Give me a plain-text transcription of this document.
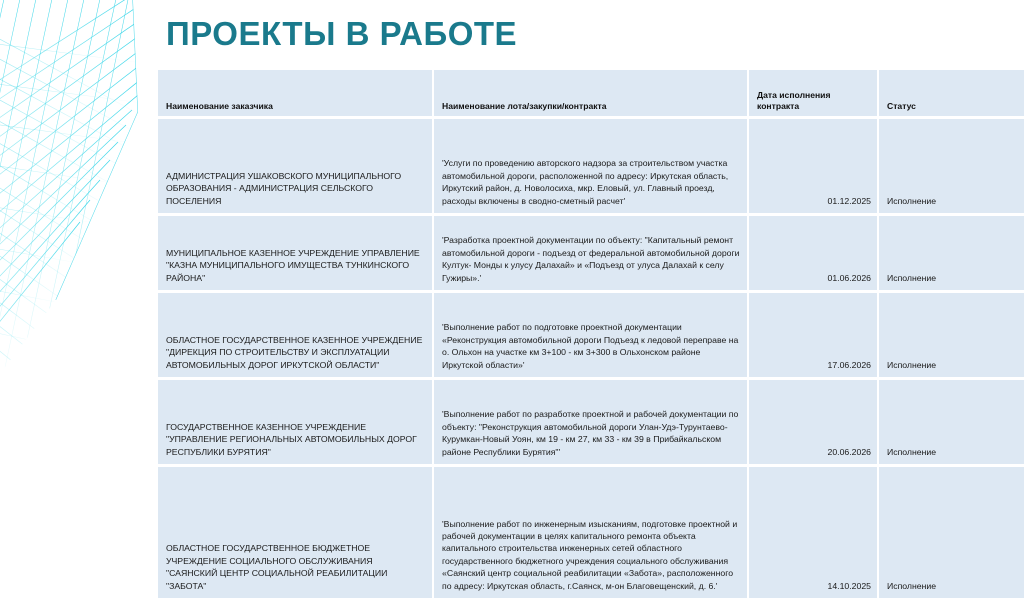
ПРОЕКТЫ В РАБОТЕ
Наименование заказчика	Наименование лота/закупки/контракта	Дата исполнения контракта	Статус

АДМИНИСТРАЦИЯ УШАКОВСКОГО МУНИЦИПАЛЬНОГО ОБРАЗОВАНИЯ - АДМИНИСТРАЦИЯ СЕЛЬСКОГО ПОСЕЛЕНИЯ	'Услуги по проведению авторского надзора за строительством участка автомобильной дороги, расположенной по адресу: Иркутская область, Иркутский район, д. Новолосиха, мкр. Еловый, ул. Главный проезд, расходы включены в сводно-сметный расчет'	01.12.2025	Исполнение
МУНИЦИПАЛЬНОЕ КАЗЕННОЕ УЧРЕЖДЕНИЕ УПРАВЛЕНИЕ "КАЗНА МУНИЦИПАЛЬНОГО ИМУЩЕСТВА ТУНКИНСКОГО РАЙОНА"	'Разработка проектной документации по объекту: "Капитальный ремонт автомобильной дороги - подъезд от федеральной автомобильной дороги Култук- Монды к улусу Далахай» и «Подъезд от улуса Далахай к селу Гужиры».'	01.06.2026	Исполнение
ОБЛАСТНОЕ ГОСУДАРСТВЕННОЕ КАЗЕННОЕ УЧРЕЖДЕНИЕ "ДИРЕКЦИЯ ПО СТРОИТЕЛЬСТВУ И ЭКСПЛУАТАЦИИ АВТОМОБИЛЬНЫХ ДОРОГ ИРКУТСКОЙ ОБЛАСТИ"	'Выполнение работ по подготовке проектной документации «Реконструкция автомобильной дороги Подъезд к ледовой переправе на о. Ольхон на участке км 3+100 - км 3+300 в Ольхонском районе Иркутской области»'	17.06.2026	Исполнение
ГОСУДАРСТВЕННОЕ КАЗЕННОЕ УЧРЕЖДЕНИЕ "УПРАВЛЕНИЕ РЕГИОНАЛЬНЫХ АВТОМОБИЛЬНЫХ ДОРОГ РЕСПУБЛИКИ БУРЯТИЯ"	'Выполнение работ по разработке проектной и рабочей документации по объекту: "Реконструкция автомобильной дороги Улан-Удэ-Турунтаево-Курумкан-Новый Уоян, км 19 - км 27, км 33 - км 39 в Прибайкальском районе Республики Бурятия"'	20.06.2026	Исполнение
ОБЛАСТНОЕ ГОСУДАРСТВЕННОЕ БЮДЖЕТНОЕ УЧРЕЖДЕНИЕ СОЦИАЛЬНОГО ОБСЛУЖИВАНИЯ "САЯНСКИЙ ЦЕНТР СОЦИАЛЬНОЙ РЕАБИЛИТАЦИИ "ЗАБОТА"	'Выполнение работ по инженерным изысканиям, подготовке проектной и рабочей документации в целях капитального ремонта объекта капитального строительства инженерных сетей областного государственного бюджетного учреждения социального обслуживания «Саянский центр социальной реабилитации «Забота», расположенного по адресу: Иркутская область, г.Саянск, м-он Благовещенский, д. 6.'	14.10.2025	Исполнение
